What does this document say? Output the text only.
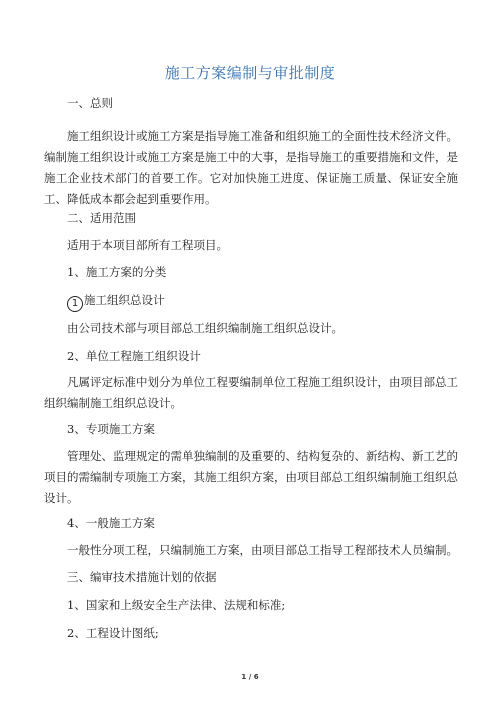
施工方案编制与审批制度
一、总则
施工组织设计或施工方案是指导施工准备和组织施工的全面性技术经济文件。编制施工组织设计或施工方案是施工中的大事，是指导施工的重要措施和文件，是施工企业技术部门的首要工作。它对加快施工进度、保证施工质量、保证安全施工、降低成本都会起到重要作用。
二、适用范围
适用于本项目部所有工程项目。
1、施工方案的分类
1 施工组织总设计
由公司技术部与项目部总工组织编制施工组织总设计。
2、单位工程施工组织设计
凡属评定标准中划分为单位工程要编制单位工程施工组织设计，由项目部总工组织编制施工组织总设计。
3、专项施工方案
管理处、监理规定的需单独编制的及重要的、结构复杂的、新结构、新工艺的项目的需编制专项施工方案，其施工组织方案，由项目部总工组织编制施工组织总设计。
4、一般施工方案
一般性分项工程，只编制施工方案，由项目部总工指导工程部技术人员编制。
三、编审技术措施计划的依据
1、国家和上级安全生产法律、法规和标准;
2、工程设计图纸;
1 / 6
